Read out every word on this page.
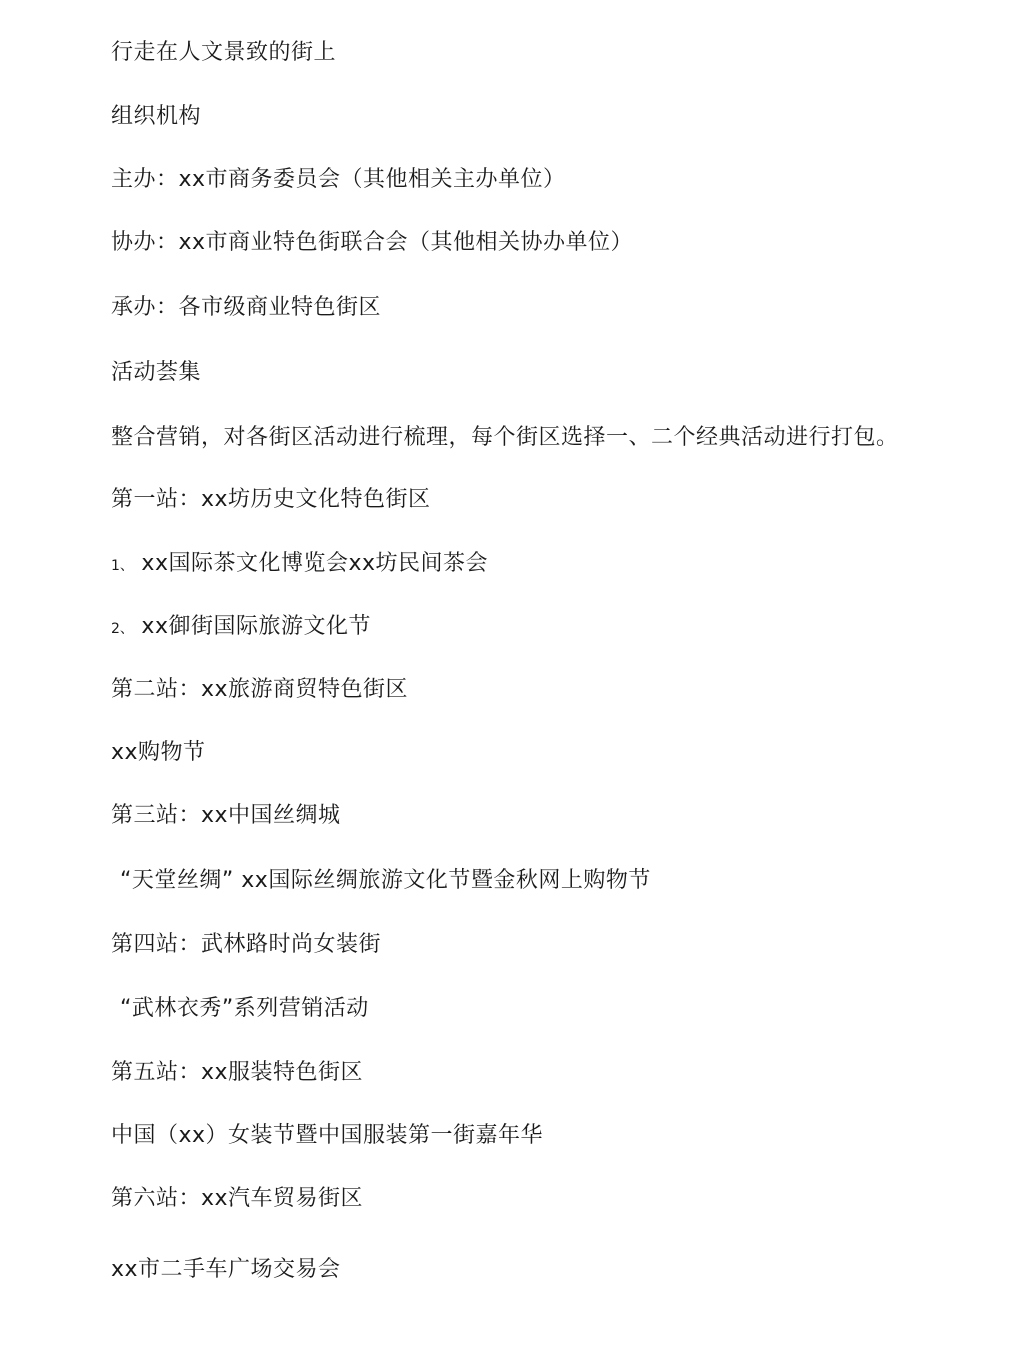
行走在人文景致的街上
组织机构
主办：xx市商务委员会（其他相关主办单位）
协办：xx市商业特色街联合会（其他相关协办单位）
承办：各市级商业特色街区
活动荟集
整合营销，对各街区活动进行梳理，每个街区选择一、二个经典活动进行打包。
第一站：xx坊历史文化特色街区
1、 xx国际茶文化博览会xx坊民间茶会
2、 xx御街国际旅游文化节
第二站：xx旅游商贸特色街区
xx购物节
第三站：xx中国丝绸城
“天堂丝绸” xx国际丝绸旅游文化节暨金秋网上购物节
第四站：武林路时尚女装街
“武林衣秀”系列营销活动
第五站：xx服装特色街区
中国（xx）女装节暨中国服装第一街嘉年华
第六站：xx汽车贸易街区
xx市二手车广场交易会
